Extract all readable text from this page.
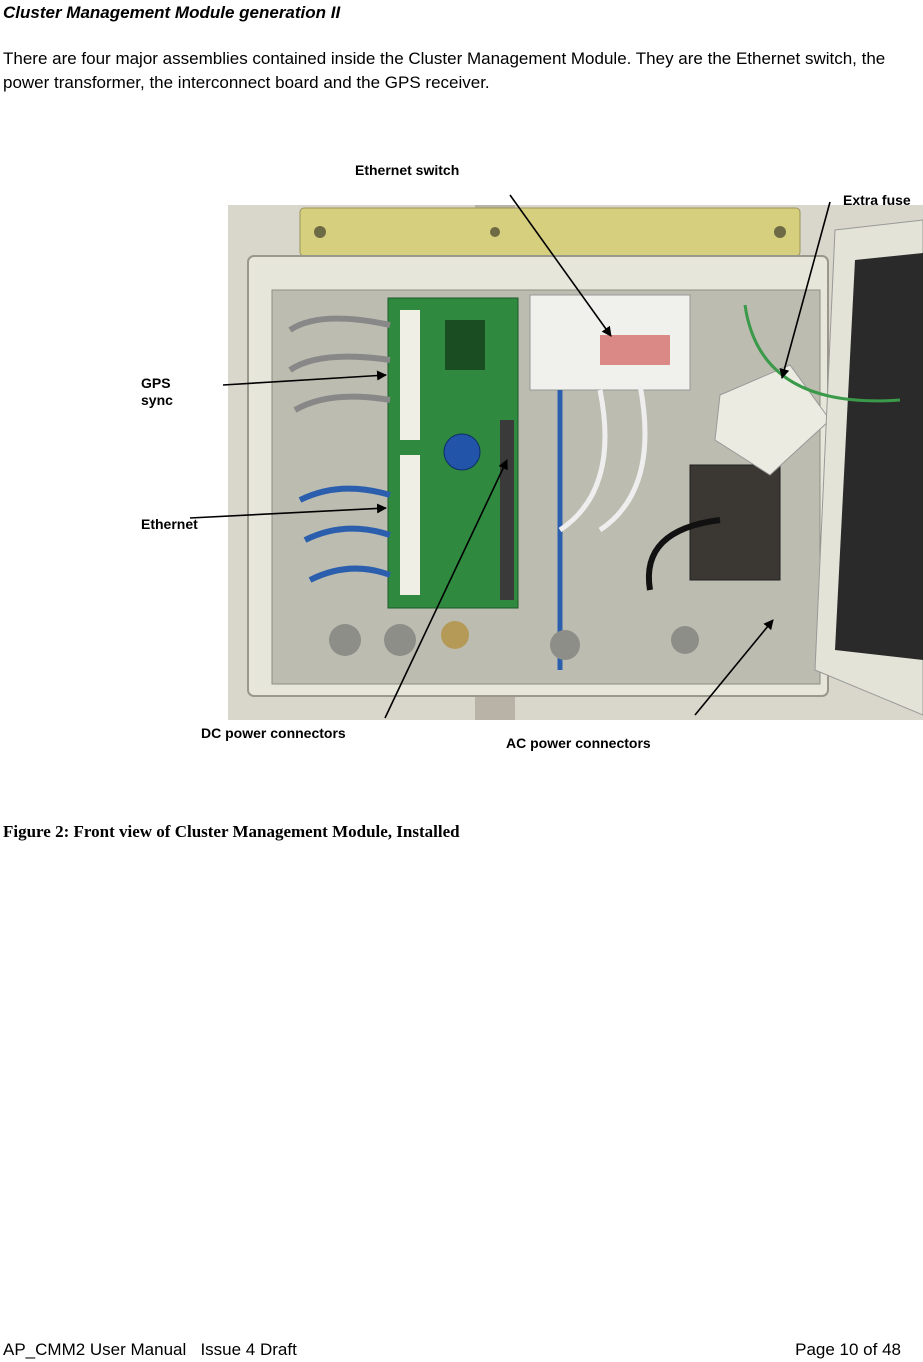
Cluster Management Module generation II
There are four major assemblies contained inside the Cluster Management Module. They are the Ethernet switch, the power transformer, the interconnect board and the GPS receiver.
Ethernet switch
Extra fuse
GPS
sync
Ethernet
DC power connectors
AC power connectors
Figure 2: Front view of Cluster Management Module, Installed
AP_CMM2 User Manual   Issue 4 Draft	Page 10 of 48
